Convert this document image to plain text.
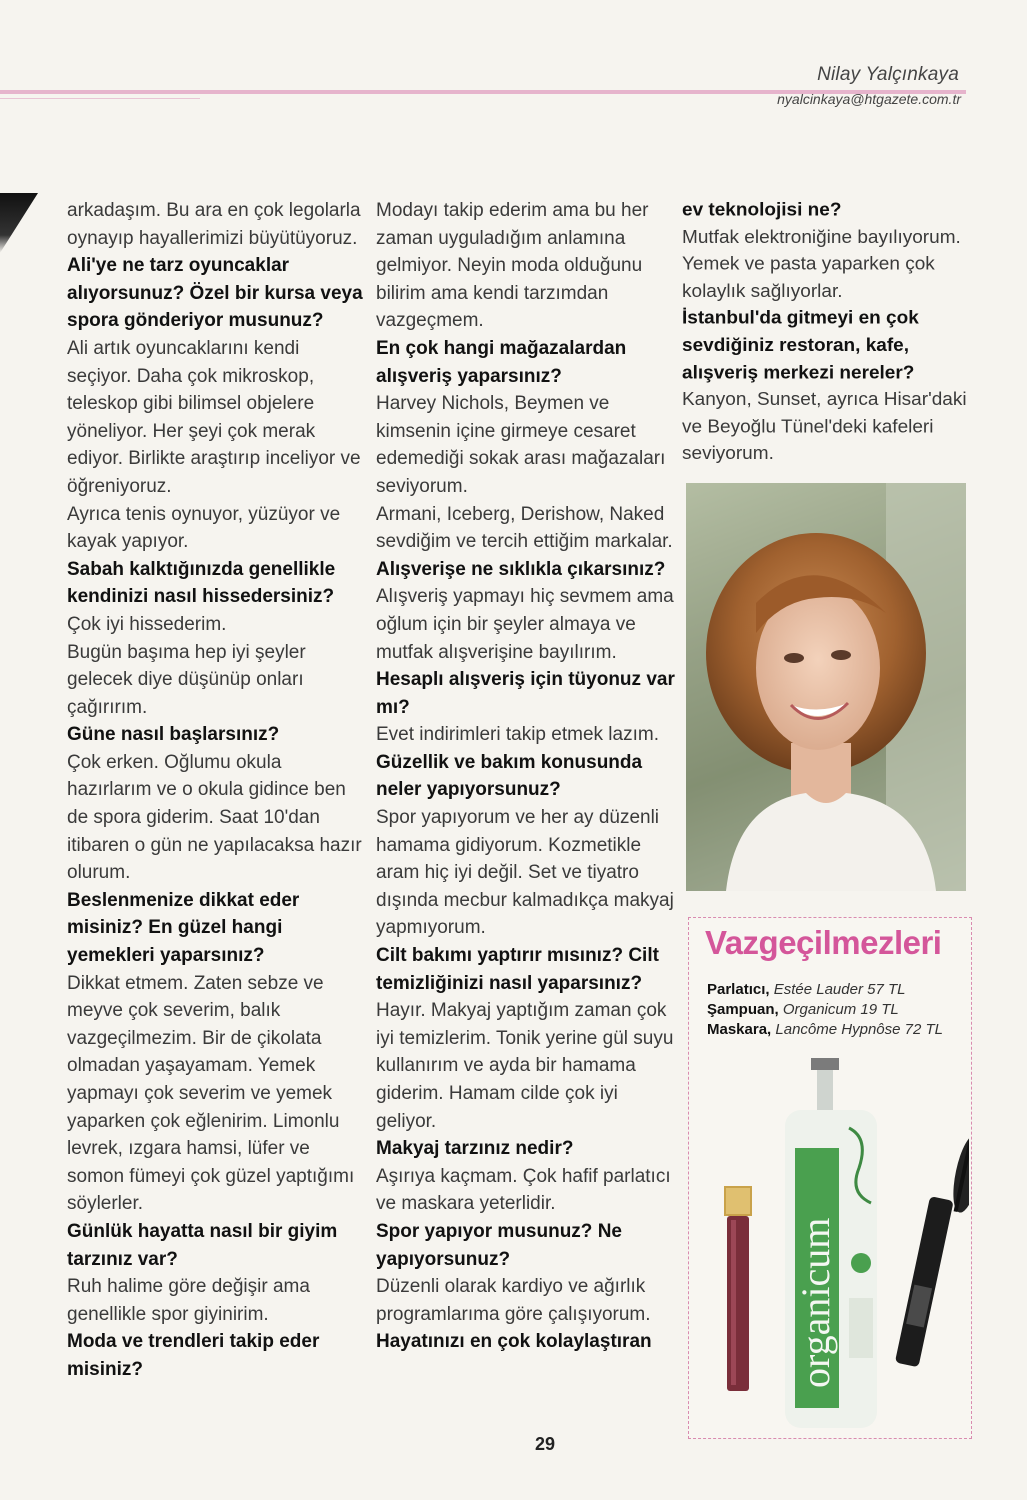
Nilay Yalçınkaya
nyalcinkaya@htgazete.com.tr

arkadaşım. Bu ara en çok legolarla oynayıp hayallerimizi büyütüyoruz.

Ali'ye ne tarz oyuncaklar alıyorsunuz? Özel bir kursa veya spora gönderiyor musunuz?

Ali artık oyuncaklarını kendi seçiyor. Daha çok mikroskop, teleskop gibi bilimsel objelere yöneliyor. Her şeyi çok merak ediyor. Birlikte araştırıp inceliyor ve öğreniyoruz.

Ayrıca tenis oynuyor, yüzüyor ve kayak yapıyor.

Sabah kalktığınızda genellikle kendinizi nasıl hissedersiniz?

Çok iyi hissederim.

Bugün başıma hep iyi şeyler gelecek diye düşünüp onları çağırırım.

Güne nasıl başlarsınız?

Çok erken. Oğlumu okula hazırlarım ve o okula gidince ben de spora giderim. Saat 10'dan itibaren o gün ne yapılacaksa hazır olurum.

Beslenmenize dikkat eder misiniz? En güzel hangi yemekleri yaparsınız?

Dikkat etmem. Zaten sebze ve meyve çok severim, balık vazgeçilmezim. Bir de çikolata olmadan yaşayamam. Yemek yapmayı çok severim ve yemek yaparken çok eğlenirim. Limonlu levrek, ızgara hamsi, lüfer ve somon fümeyi çok güzel yaptığımı söylerler.

Günlük hayatta nasıl bir giyim tarzınız var?

Ruh halime göre değişir ama genellikle spor giyinirim.

Moda ve trendleri takip eder misiniz?

Modayı takip ederim ama bu her zaman uyguladığım anlamına gelmiyor. Neyin moda olduğunu bilirim ama kendi tarzımdan vazgeçmem.

En çok hangi mağazalardan alışveriş yaparsınız?

Harvey Nichols, Beymen ve kimsenin içine girmeye cesaret edemediği sokak arası mağazaları seviyorum.

Armani, Iceberg, Derishow, Naked sevdiğim ve tercih ettiğim markalar.

Alışverişe ne sıklıkla çıkarsınız?

Alışveriş yapmayı hiç sevmem ama oğlum için bir şeyler almaya ve mutfak alışverişine bayılırım.

Hesaplı alışveriş için tüyonuz var mı?

Evet indirimleri takip etmek lazım.

Güzellik ve bakım konusunda neler yapıyorsunuz?

Spor yapıyorum ve her ay düzenli hamama gidiyorum. Kozmetikle aram hiç iyi değil. Set ve tiyatro dışında mecbur kalmadıkça makyaj yapmıyorum.

Cilt bakımı yaptırır mısınız? Cilt temizliğinizi nasıl yaparsınız?

Hayır. Makyaj yaptığım zaman çok iyi temizlerim. Tonik yerine gül suyu kullanırım ve ayda bir hamama giderim. Hamam cilde çok iyi geliyor.

Makyaj tarzınız nedir?

Aşırıya kaçmam. Çok hafif parlatıcı ve maskara yeterlidir.

Spor yapıyor musunuz? Ne yapıyorsunuz?

Düzenli olarak kardiyo ve ağırlık programlarıma göre çalışıyorum.

Hayatınızı en çok kolaylaştıran

ev teknolojisi ne?

Mutfak elektroniğine bayılıyorum. Yemek ve pasta yaparken çok kolaylık sağlıyorlar.

İstanbul'da gitmeyi en çok sevdiğiniz restoran, kafe, alışveriş merkezi nereler?

Kanyon, Sunset, ayrıca Hisar'daki ve Beyoğlu Tünel'deki kafeleri seviyorum.

Vazgeçilmezleri
Parlatıcı, Estée Lauder 57 TL
Şampuan, Organicum 19 TL
Maskara, Lancôme Hypnôse 72 TL
organicum
29
